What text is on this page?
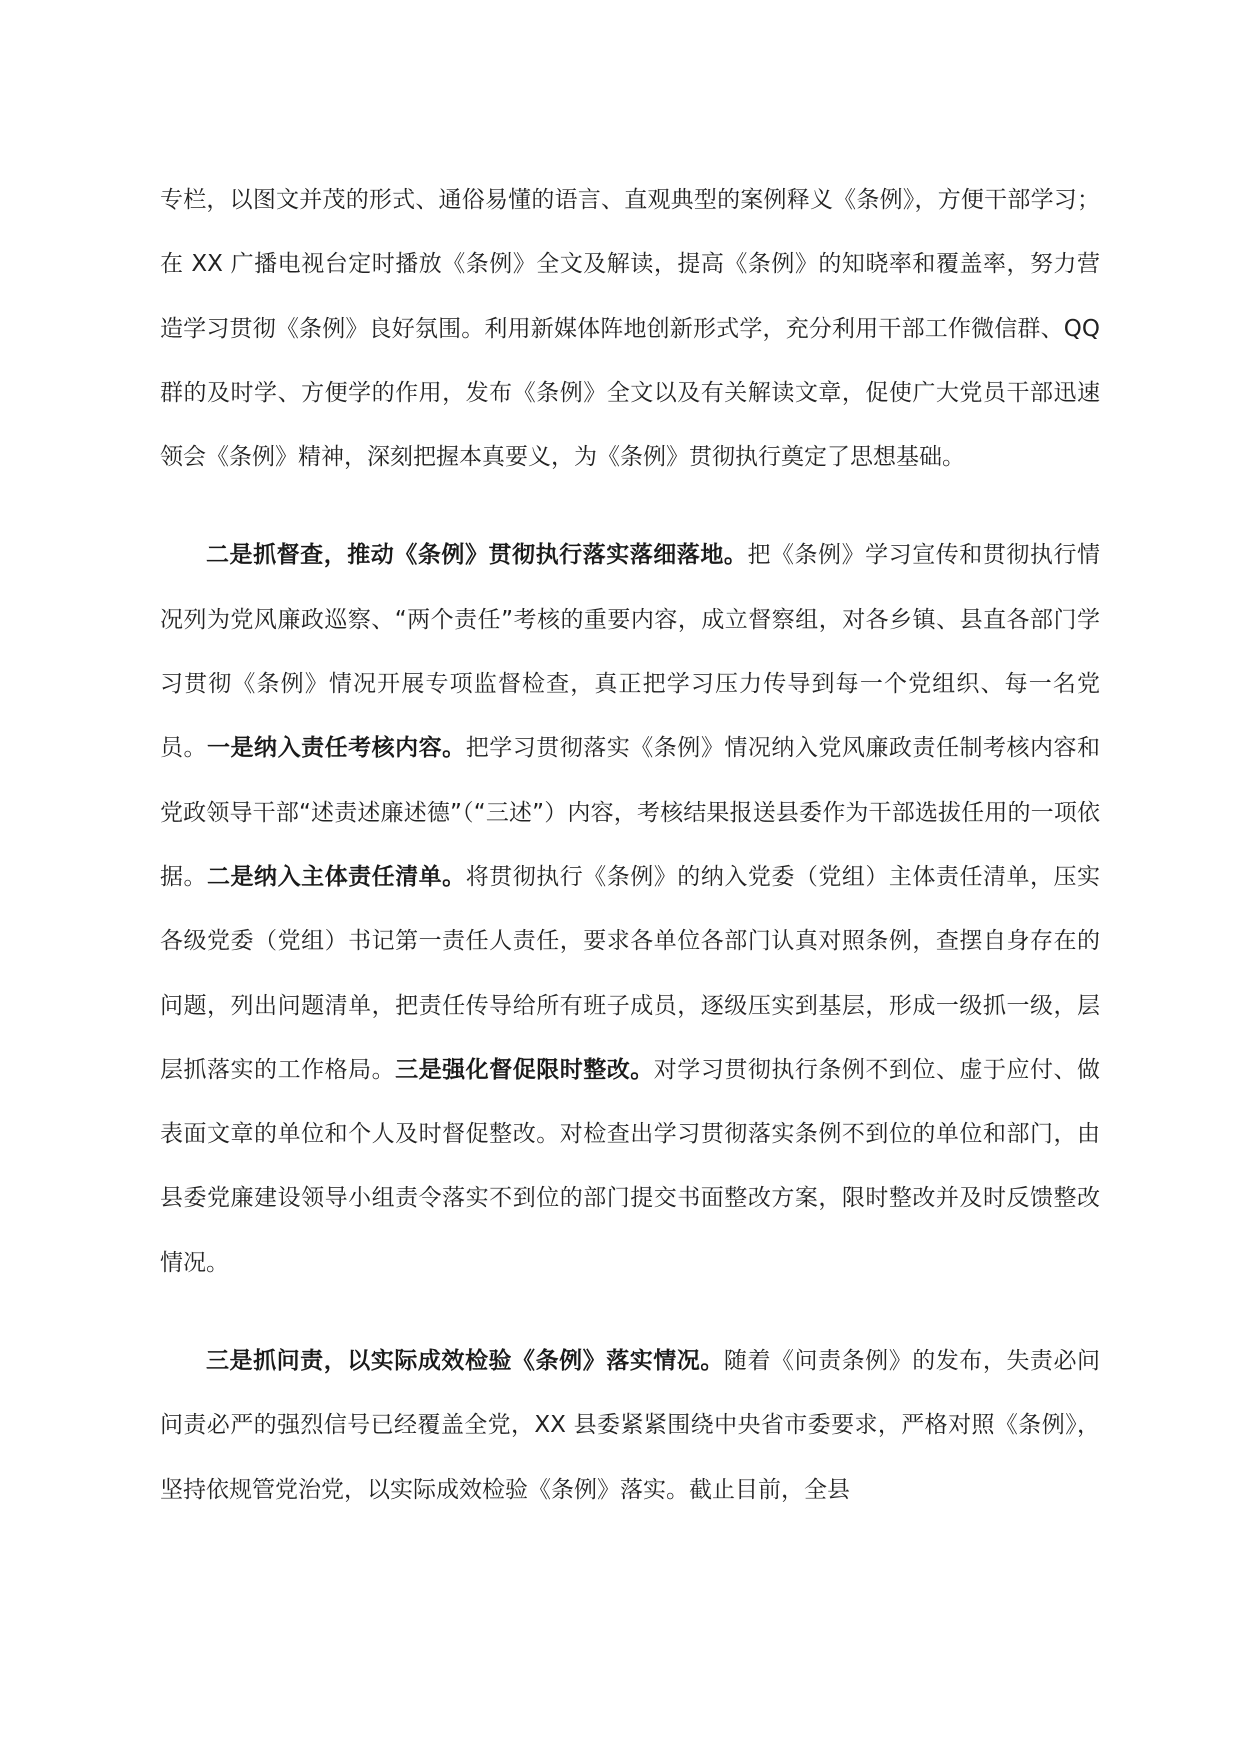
专栏，以图文并茂的形式、通俗易懂的语言、直观典型的案例释义《条例》，方便干部学习；在 XX 广播电视台定时播放《条例》全文及解读，提高《条例》的知晓率和覆盖率，努力营造学习贯彻《条例》良好氛围。利用新媒体阵地创新形式学，充分利用干部工作微信群、QQ 群的及时学、方便学的作用，发布《条例》全文以及有关解读文章，促使广大党员干部迅速领会《条例》精神，深刻把握本真要义，为《条例》贯彻执行奠定了思想基础。

二是抓督查，推动《条例》贯彻执行落实落细落地。把《条例》学习宣传和贯彻执行情况列为党风廉政巡察、“两个责任”考核的重要内容，成立督察组，对各乡镇、县直各部门学习贯彻《条例》情况开展专项监督检查，真正把学习压力传导到每一个党组织、每一名党员。一是纳入责任考核内容。把学习贯彻落实《条例》情况纳入党风廉政责任制考核内容和党政领导干部“述责述廉述德”（“三述”）内容，考核结果报送县委作为干部选拔任用的一项依据。二是纳入主体责任清单。将贯彻执行《条例》的纳入党委（党组）主体责任清单，压实各级党委（党组）书记第一责任人责任，要求各单位各部门认真对照条例，查摆自身存在的问题，列出问题清单，把责任传导给所有班子成员，逐级压实到基层，形成一级抓一级，层层抓落实的工作格局。三是强化督促限时整改。对学习贯彻执行条例不到位、虚于应付、做表面文章的单位和个人及时督促整改。对检查出学习贯彻落实条例不到位的单位和部门，由县委党廉建设领导小组责令落实不到位的部门提交书面整改方案，限时整改并及时反馈整改情况。

三是抓问责，以实际成效检验《条例》落实情况。随着《问责条例》的发布，失责必问问责必严的强烈信号已经覆盖全党，XX 县委紧紧围绕中央省市委要求，严格对照《条例》，坚持依规管党治党，以实际成效检验《条例》落实。截止目前，全县
